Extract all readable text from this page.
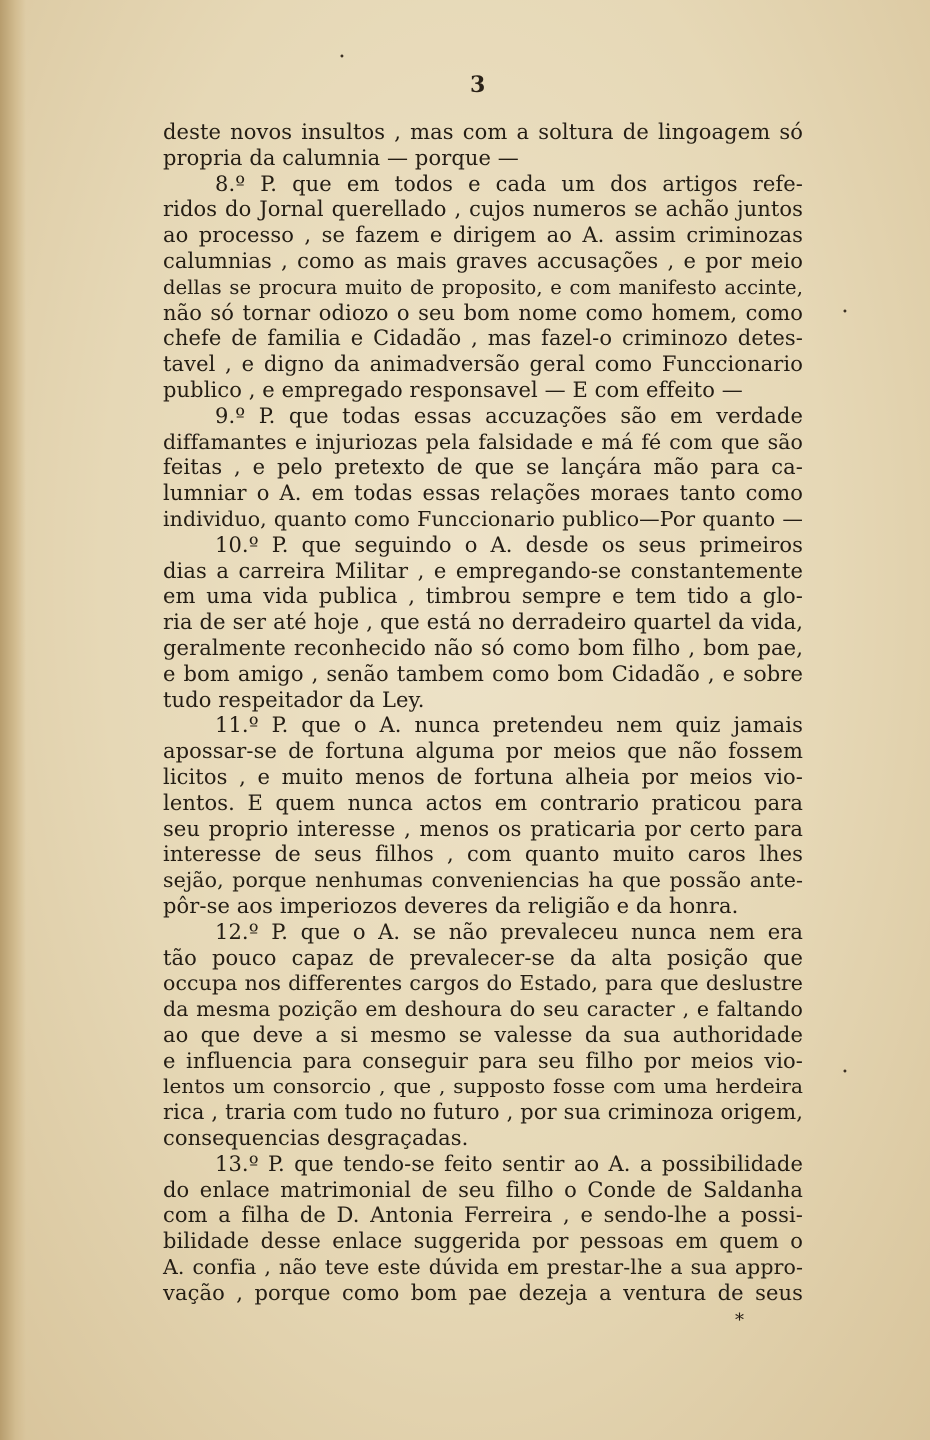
•
•
•
3
deste novos insultos , mas com a soltura de lingoagem só
propria da calumnia — porque —
8.º P. que em todos e cada um dos artigos refe-
ridos do Jornal querellado , cujos numeros se achão juntos
ao processo , se fazem e dirigem ao A. assim criminozas
calumnias , como as mais graves accusações , e por meio
dellas se procura muito de proposito, e com manifesto accinte,
não só tornar odiozo o seu bom nome como homem, como
chefe de familia e Cidadão , mas fazel-o criminozo detes-
tavel , e digno da animadversão geral como Funccionario
publico , e empregado responsavel — E com effeito —
9.º P. que todas essas accuzações são em verdade
diffamantes e injuriozas pela falsidade e má fé com que são
feitas , e pelo pretexto de que se lançára mão para ca-
lumniar o A. em todas essas relações moraes tanto como
individuo, quanto como Funccionario publico—Por quanto —
10.º P. que seguindo o A. desde os seus primeiros
dias a carreira Militar , e empregando-se constantemente
em uma vida publica , timbrou sempre e tem tido a glo-
ria de ser até hoje , que está no derradeiro quartel da vida,
geralmente reconhecido não só como bom filho , bom pae,
e bom amigo , senão tambem como bom Cidadão , e sobre
tudo respeitador da Ley.
11.º P. que o A. nunca pretendeu nem quiz jamais
apossar-se de fortuna alguma por meios que não fossem
licitos , e muito menos de fortuna alheia por meios vio-
lentos. E quem nunca actos em contrario praticou para
seu proprio interesse , menos os praticaria por certo para
interesse de seus filhos , com quanto muito caros lhes
sejão, porque nenhumas conveniencias ha que possão ante-
pôr-se aos imperiozos deveres da religião e da honra.
12.º P. que o A. se não prevaleceu nunca nem era
tão pouco capaz de prevalecer-se da alta posição que
occupa nos differentes cargos do Estado, para que deslustre
da mesma pozição em deshoura do seu caracter , e faltando
ao que deve a si mesmo se valesse da sua authoridade
e influencia para conseguir para seu filho por meios vio-
lentos um consorcio , que , supposto fosse com uma herdeira
rica , traria com tudo no futuro , por sua criminoza origem,
consequencias desgraçadas.
13.º P. que tendo-se feito sentir ao A. a possibilidade
do enlace matrimonial de seu filho o Conde de Saldanha
com a filha de D. Antonia Ferreira , e sendo-lhe a possi-
bilidade desse enlace suggerida por pessoas em quem o
A. confia , não teve este dúvida em prestar-lhe a sua appro-
vação , porque como bom pae dezeja a ventura de seus
*
